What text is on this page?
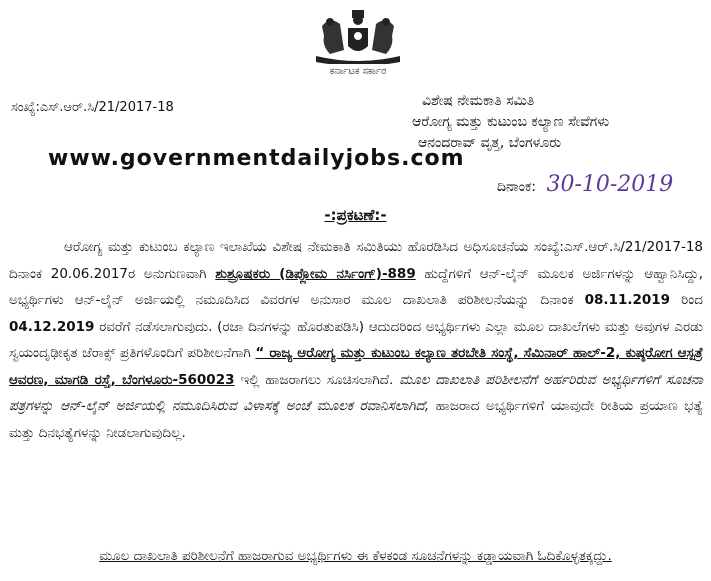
ಕರ್ನಾಟಕ ಸರ್ಕಾರ
ಸಂಖ್ಯೆ:ಎಸ್.ಆರ್.ಸಿ/21/2017-18	ವಿಶೇಷ ನೇಮಕಾತಿ ಸಮಿತಿ
ಆರೋಗ್ಯ ಮತ್ತು ಕುಟುಂಬ ಕಲ್ಯಾಣ ಸೇವೆಗಳು
ಆನಂದರಾವ್ ವೃತ್ತ, ಬೆಂಗಳೂರು
www.governmentdailyjobs.com
ದಿನಾಂಕ: 30-10-2019
-:ಪ್ರಕಟಣೆ:-

ಆರೋಗ್ಯ ಮತ್ತು ಕುಟುಂಬ ಕಲ್ಯಾಣ ಇಲಾಖೆಯ ವಿಶೇಷ ನೇಮಕಾತಿ ಸಮಿತಿಯು ಹೊರಡಿಸಿದ ಅಧಿಸೂಚನೆಯ ಸಂಖ್ಯೆ:ಎಸ್.ಆರ್.ಸಿ/21/2017-18 ದಿನಾಂಕ 20.06.2017ರ ಅನುಗುಣವಾಗಿ ಶುಶ್ರೂಷಕರು (ಡಿಪ್ಲೋಮ ನರ್ಸಿಂಗ್)-889 ಹುದ್ದೆಗಳಿಗೆ ಆನ್-ಲೈನ್ ಮೂಲಕ ಅರ್ಜಿಗಳನ್ನು ಆಹ್ವಾನಿಸಿದ್ದು, ಅಭ್ಯರ್ಥಿಗಳು ಆನ್-ಲೈನ್ ಅರ್ಜಿಯಲ್ಲಿ ನಮೂದಿಸಿದ ವಿವರಗಳ ಅನುಸಾರ ಮೂಲ ದಾಖಲಾತಿ ಪರಿಶೀಲನೆಯನ್ನು ದಿನಾಂಕ 08.11.2019 ರಿಂದ 04.12.2019 ರವರೆಗೆ ನಡೆಸಲಾಗುವುದು. (ರಜಾ ದಿನಗಳನ್ನು ಹೊರತುಪಡಿಸಿ) ಆದುದರಿಂದ ಅಭ್ಯರ್ಥಿಗಳು ಎಲ್ಲಾ ಮೂಲ ದಾಖಲೆಗಳು ಮತ್ತು ಅವುಗಳ ಎರಡು ಸ್ವಯಂದೃಢೀಕೃತ ಜೆರಾಕ್ಸ್ ಪ್ರತಿಗಳೊಂದಿಗೆ ಪರಿಶೀಲನೆಗಾಗಿ “ ರಾಜ್ಯ ಆರೋಗ್ಯ ಮತ್ತು ಕುಟುಂಬ ಕಲ್ಯಾಣ ತರಬೇತಿ ಸಂಸ್ಥೆ, ಸೆಮಿನಾರ್ ಹಾಲ್-2, ಕುಷ್ಠರೋಗ ಆಸ್ಪತ್ರೆ ಆವರಣ, ಮಾಗಡಿ ರಸ್ತೆ, ಬೆಂಗಳೂರು-560023 ಇಲ್ಲಿ ಹಾಜರಾಗಲು ಸೂಚಿಸಲಾಗಿದೆ. ಮೂಲ ದಾಖಲಾತಿ ಪರಿಶೀಲನೆಗೆ ಅರ್ಹರಿರುವ ಅಭ್ಯರ್ಥಿಗಳಿಗೆ ಸೂಚನಾ ಪತ್ರಗಳನ್ನು ಆನ್-ಲೈನ್ ಅರ್ಜಿಯಲ್ಲಿ ನಮೂದಿಸಿರುವ ವಿಳಾಸಕ್ಕೆ ಅಂಚೆ ಮೂಲಕ ರವಾನಿಸಲಾಗಿದೆ, ಹಾಜರಾದ ಅಭ್ಯರ್ಥಿಗಳಿಗೆ ಯಾವುದೇ ರೀತಿಯ ಪ್ರಯಾಣ ಭತ್ಯೆ ಮತ್ತು ದಿನಭತ್ಯೆಗಳನ್ನು ನೀಡಲಾಗುವುದಿಲ್ಲ.

ಮೂಲ ದಾಖಲಾತಿ ಪರಿಶೀಲನೆಗೆ ಹಾಜರಾಗುವ ಅಭ್ಯರ್ಥಿಗಳು ಈ ಕೆಳಕಂಡ ಸೂಚನೆಗಳನ್ನು ಕಡ್ಡಾಯವಾಗಿ ಓದಿಕೊಳ್ಳತಕ್ಕದ್ದು.
